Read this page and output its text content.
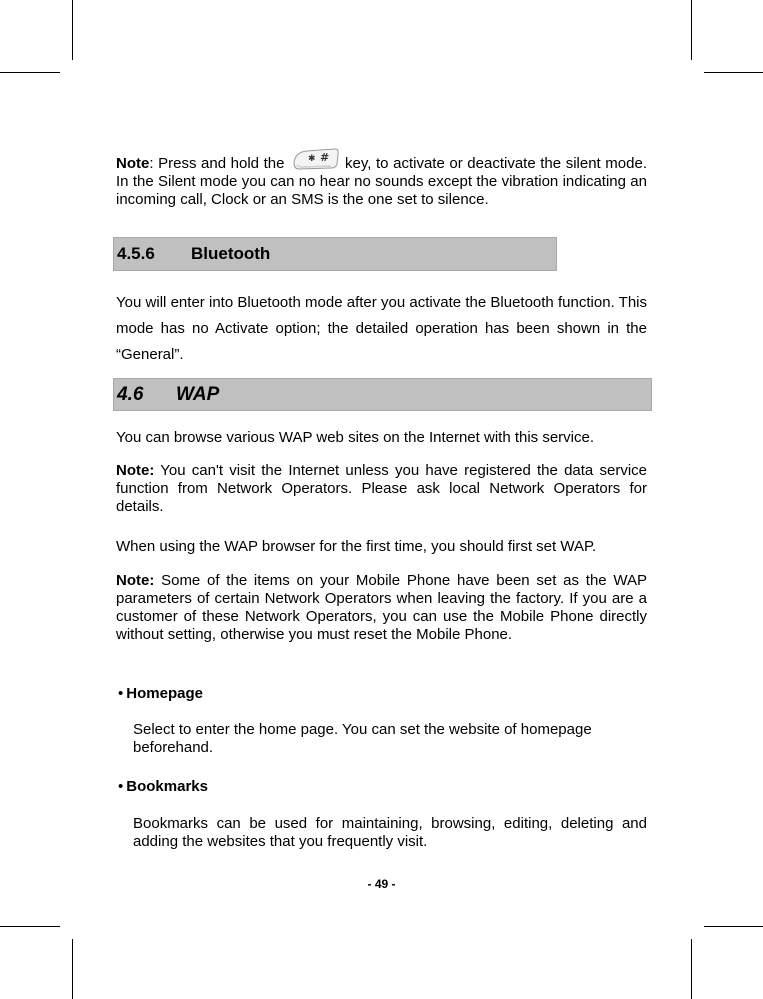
Note: Press and hold the	✱ # key, to activate or deactivate the silent mode. In the Silent mode you can no hear no sounds except the vibration indicating an incoming call, Clock or an SMS is the one set to silence.

4.5.6 Bluetooth

You will enter into Bluetooth mode after you activate the Bluetooth function. This mode has no Activate option; the detailed operation has been shown in the “General”.

4.6 WAP

You can browse various WAP web sites on the Internet with this service.

Note: You can't visit the Internet unless you have registered the data service function from Network Operators. Please ask local Network Operators for details.

When using the WAP browser for the first time, you should first set WAP.

Note: Some of the items on your Mobile Phone have been set as the WAP parameters of certain Network Operators when leaving the factory. If you are a customer of these Network Operators, you can use the Mobile Phone directly without setting, otherwise you must reset the Mobile Phone.

• Homepage

Select to enter the home page. You can set the website of homepage beforehand.

• Bookmarks

Bookmarks can be used for maintaining, browsing, editing, deleting and adding the websites that you frequently visit.

- 49 -
